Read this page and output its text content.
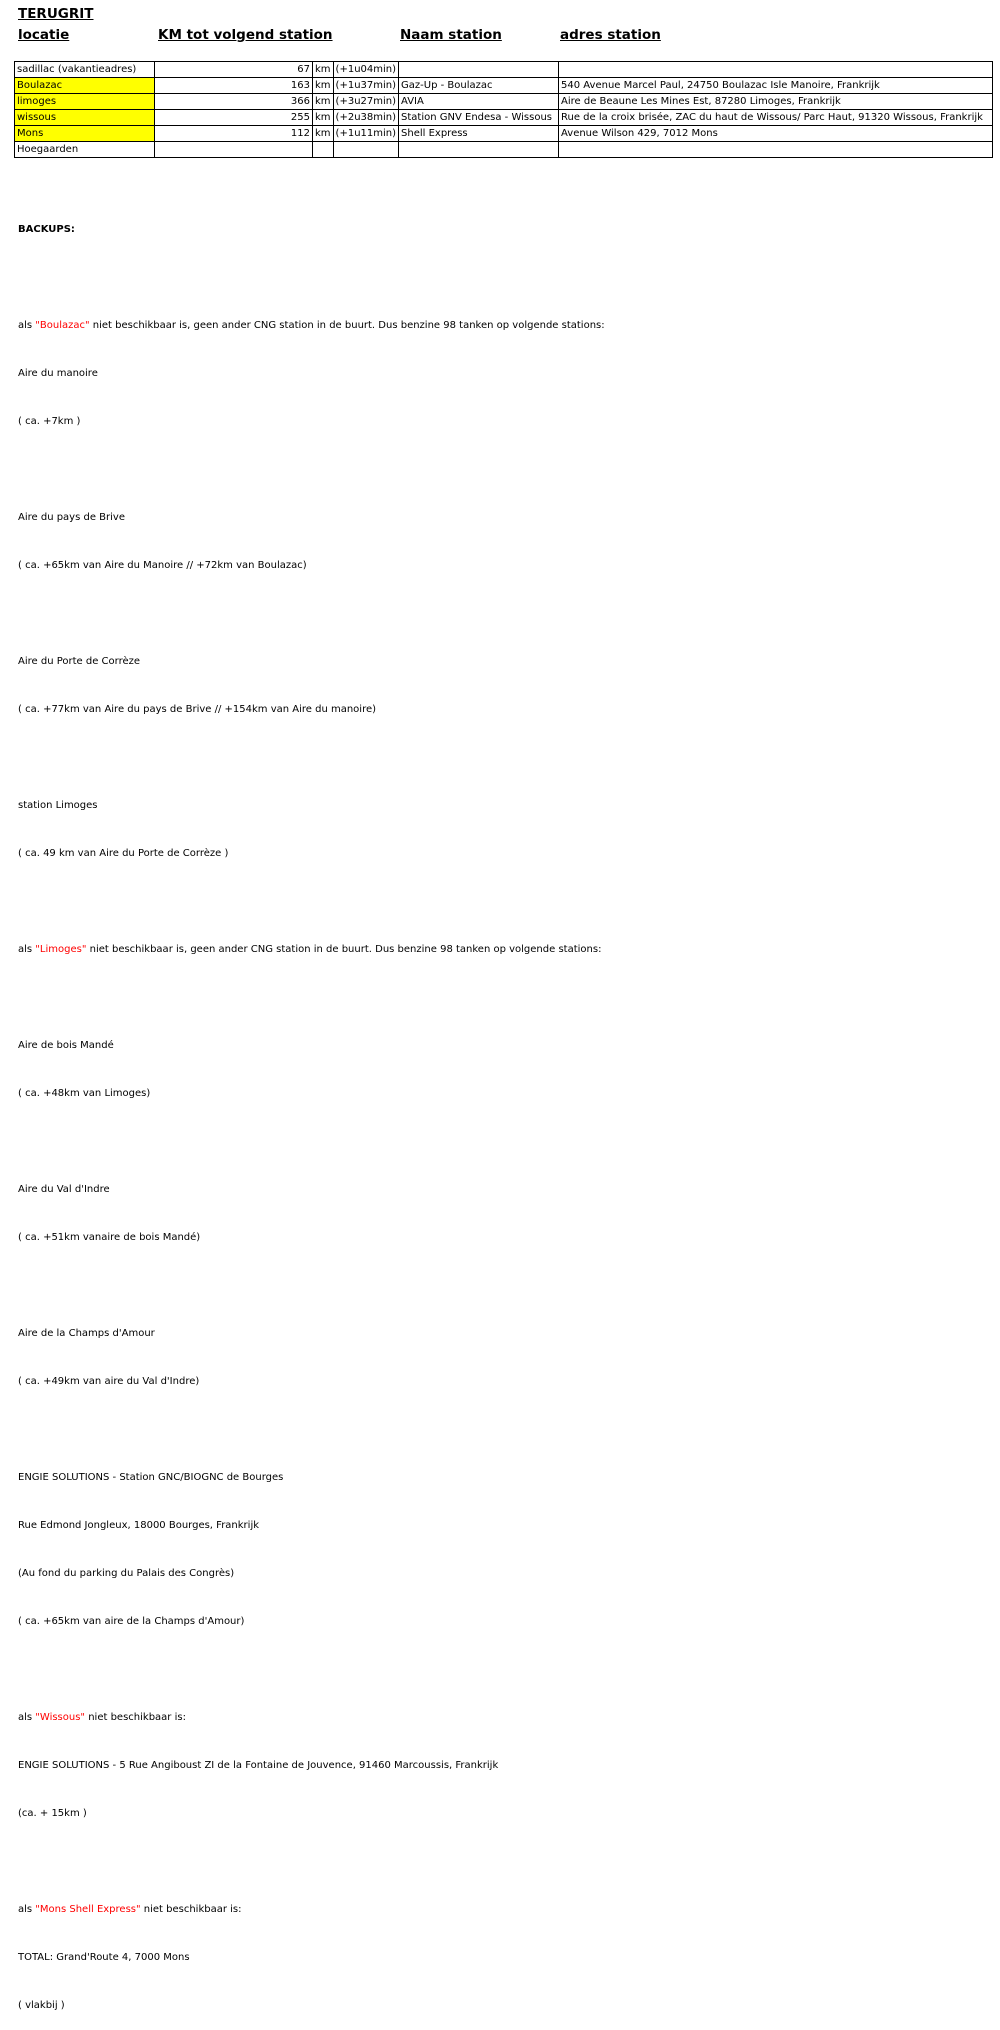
TERUGRIT
locatie	KM tot volgend station	Naam station	adres station
sadillac (vakantieadres)	67	km	(+1u04min)		
Boulazac	163	km	(+1u37min)	Gaz-Up - Boulazac	540 Avenue Marcel Paul, 24750 Boulazac Isle Manoire, Frankrijk
limoges	366	km	(+3u27min)	AVIA	Aire de Beaune Les Mines Est, 87280 Limoges, Frankrijk
wissous	255	km	(+2u38min)	Station GNV Endesa - Wissous	Rue de la croix brisée, ZAC du haut de Wissous/ Parc Haut, 91320 Wissous, Frankrijk
Mons	112	km	(+1u11min)	Shell Express	Avenue Wilson 429, 7012 Mons
Hoegaarden					

BACKUPS:

als "Boulazac" niet beschikbaar is, geen ander CNG station in de buurt. Dus benzine 98 tanken op volgende stations:

Aire du manoire

( ca. +7km )

Aire du pays de Brive

( ca. +65km van Aire du Manoire // +72km van Boulazac)

Aire du Porte de Corrèze

( ca. +77km van Aire du pays de Brive // +154km van Aire du manoire)

station Limoges

( ca. 49 km van Aire du Porte de Corrèze )

als "Limoges" niet beschikbaar is, geen ander CNG station in de buurt. Dus benzine 98 tanken op volgende stations:

Aire de bois Mandé

( ca. +48km van Limoges)

Aire du Val d'Indre

( ca. +51km vanaire de bois Mandé)

Aire de la Champs d'Amour

( ca. +49km van aire du Val d'Indre)

ENGIE SOLUTIONS - Station GNC/BIOGNC de Bourges

Rue Edmond Jongleux, 18000 Bourges, Frankrijk

(Au fond du parking du Palais des Congrès)

( ca. +65km van aire de la Champs d'Amour)

als "Wissous" niet beschikbaar is:

ENGIE SOLUTIONS - 5 Rue Angiboust ZI de la Fontaine de Jouvence, 91460 Marcoussis, Frankrijk

(ca. + 15km )

als "Mons Shell Express" niet beschikbaar is:

TOTAL: Grand'Route 4, 7000 Mons

( vlakbij )
